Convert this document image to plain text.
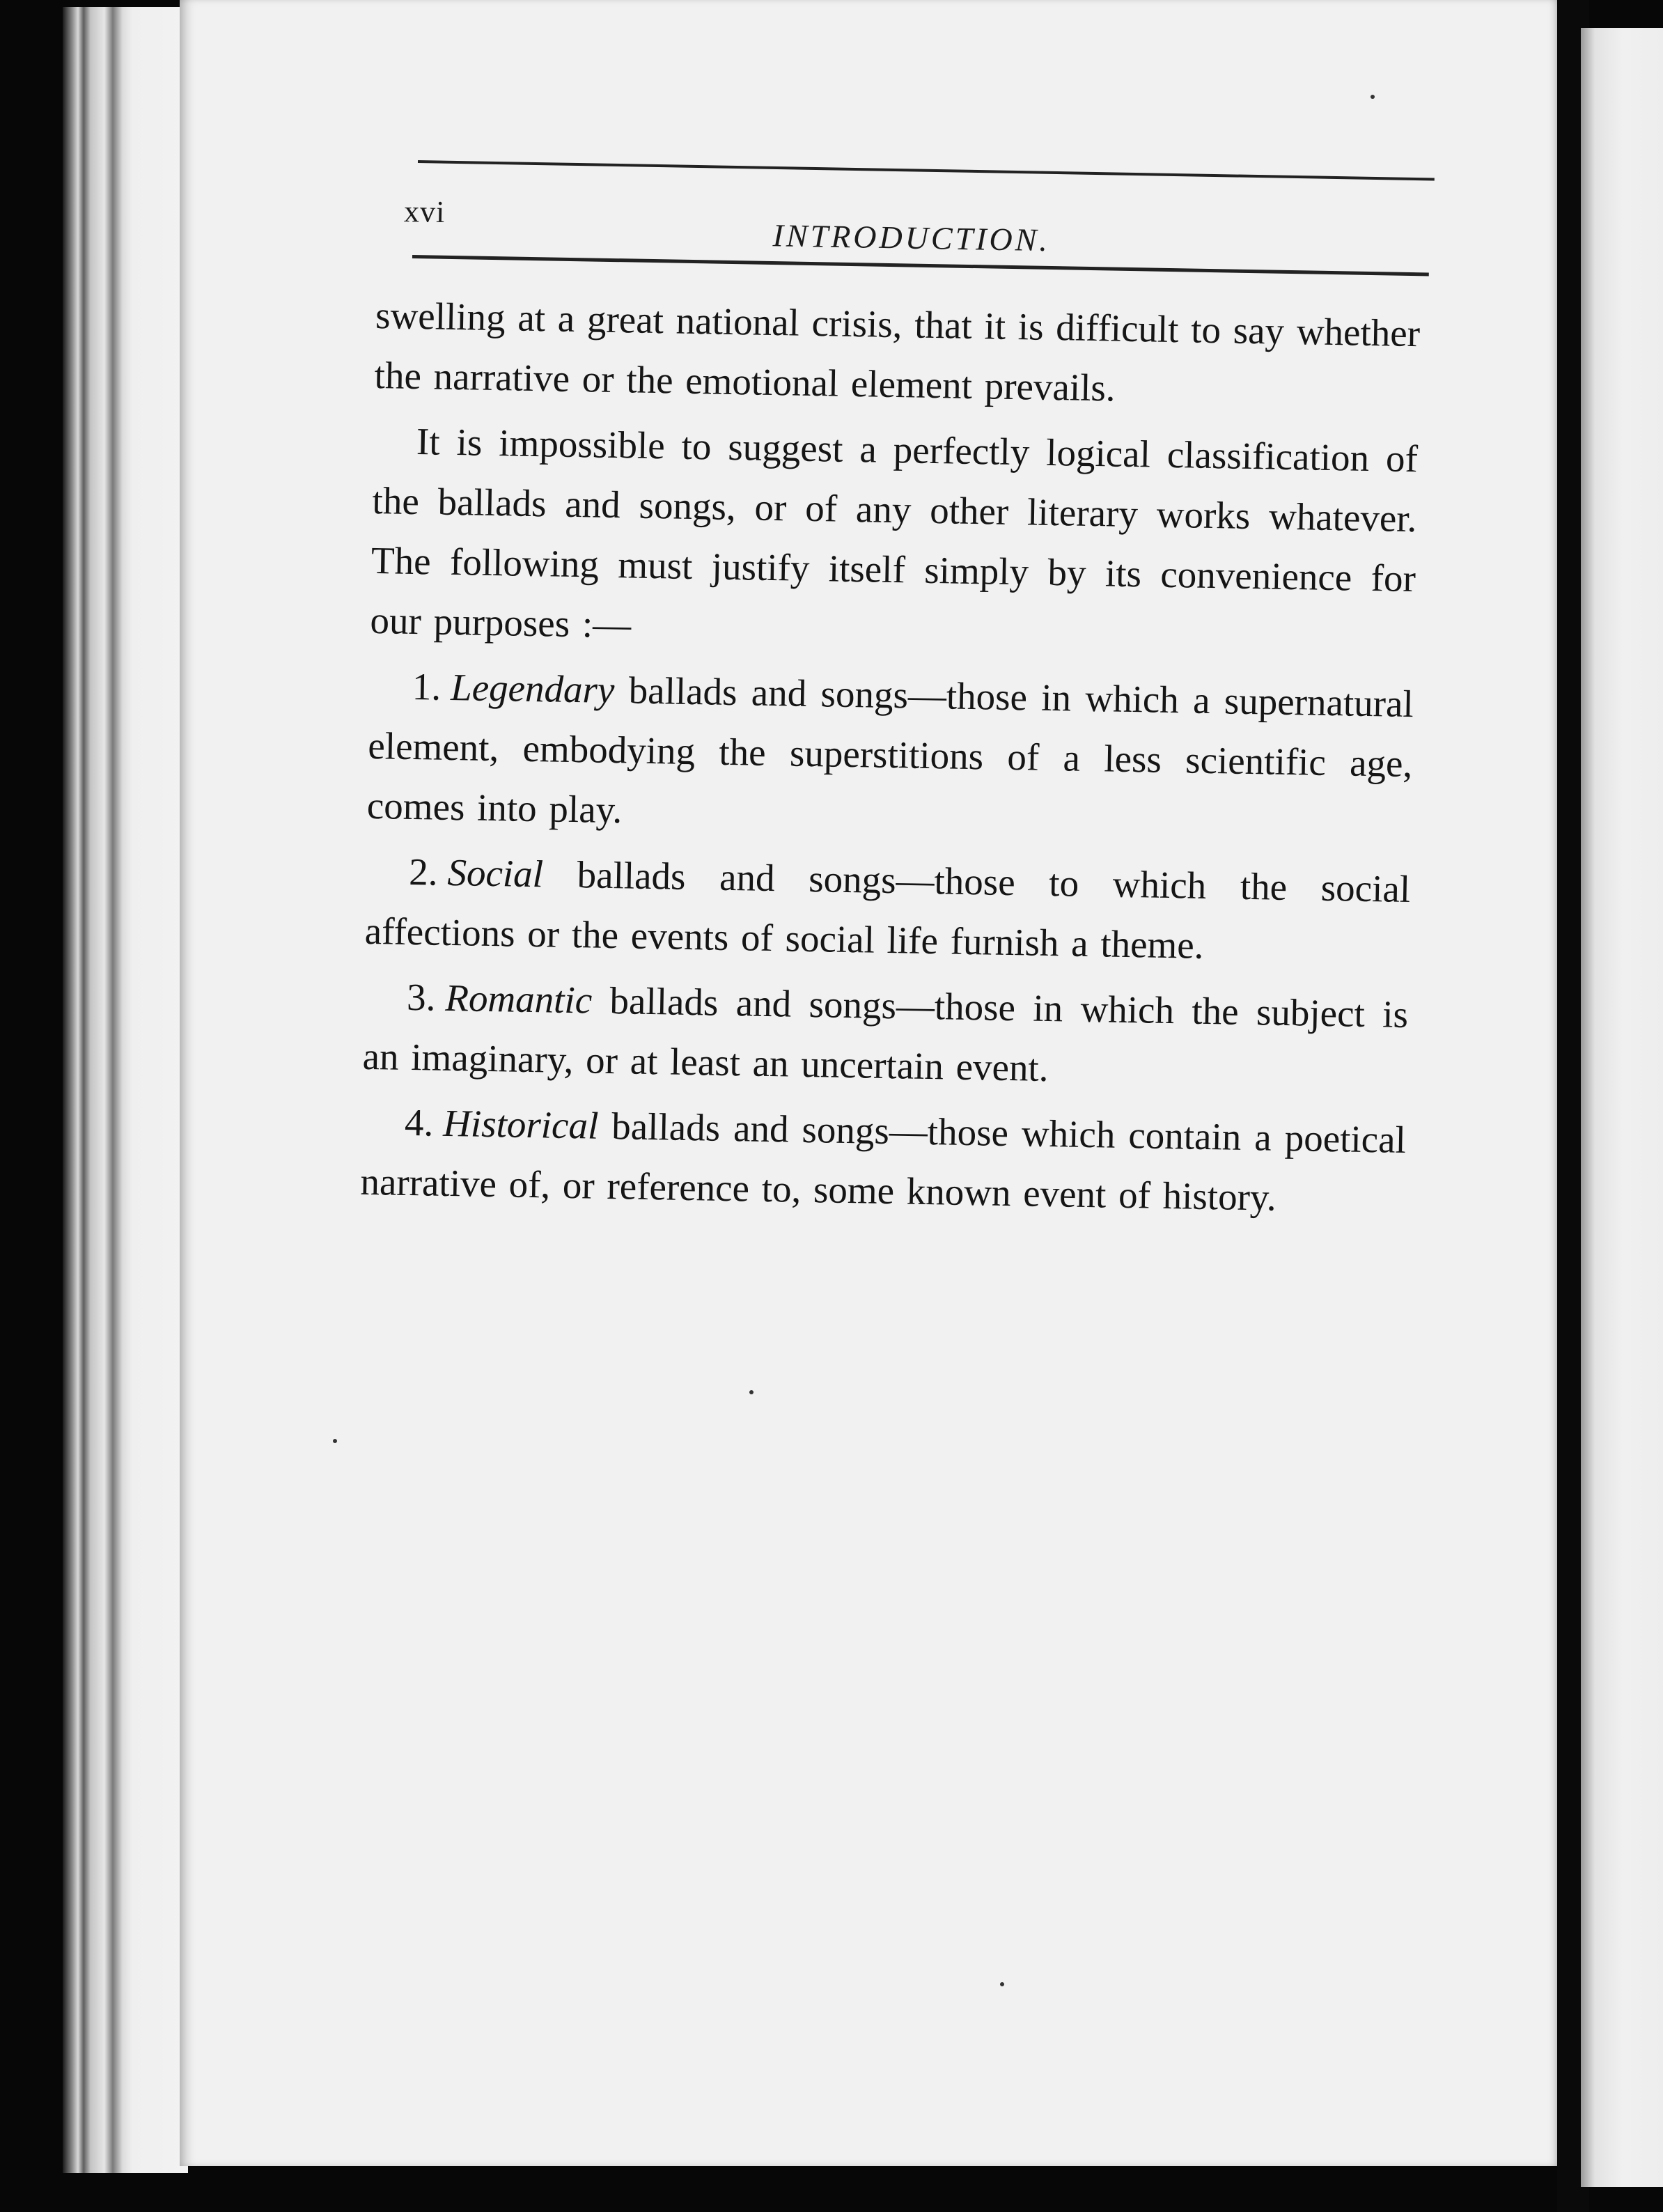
xvi
INTRODUCTION.

swelling at a great national crisis, that it is difficult to say whether the narrative or the emotional element prevails.

It is impossible to suggest a perfectly logical classification of the ballads and songs, or of any other literary works whatever. The following must justify itself simply by its convenience for our purposes :—

1. Legendary ballads and songs—those in which a supernatural element, embodying the superstitions of a less scientific age, comes into play.

2. Social ballads and songs—those to which the social affections or the events of social life furnish a theme.

3. Romantic ballads and songs—those in which the subject is an imaginary, or at least an uncertain event.

4. Historical ballads and songs—those which contain a poetical narrative of, or reference to, some known event of history.
